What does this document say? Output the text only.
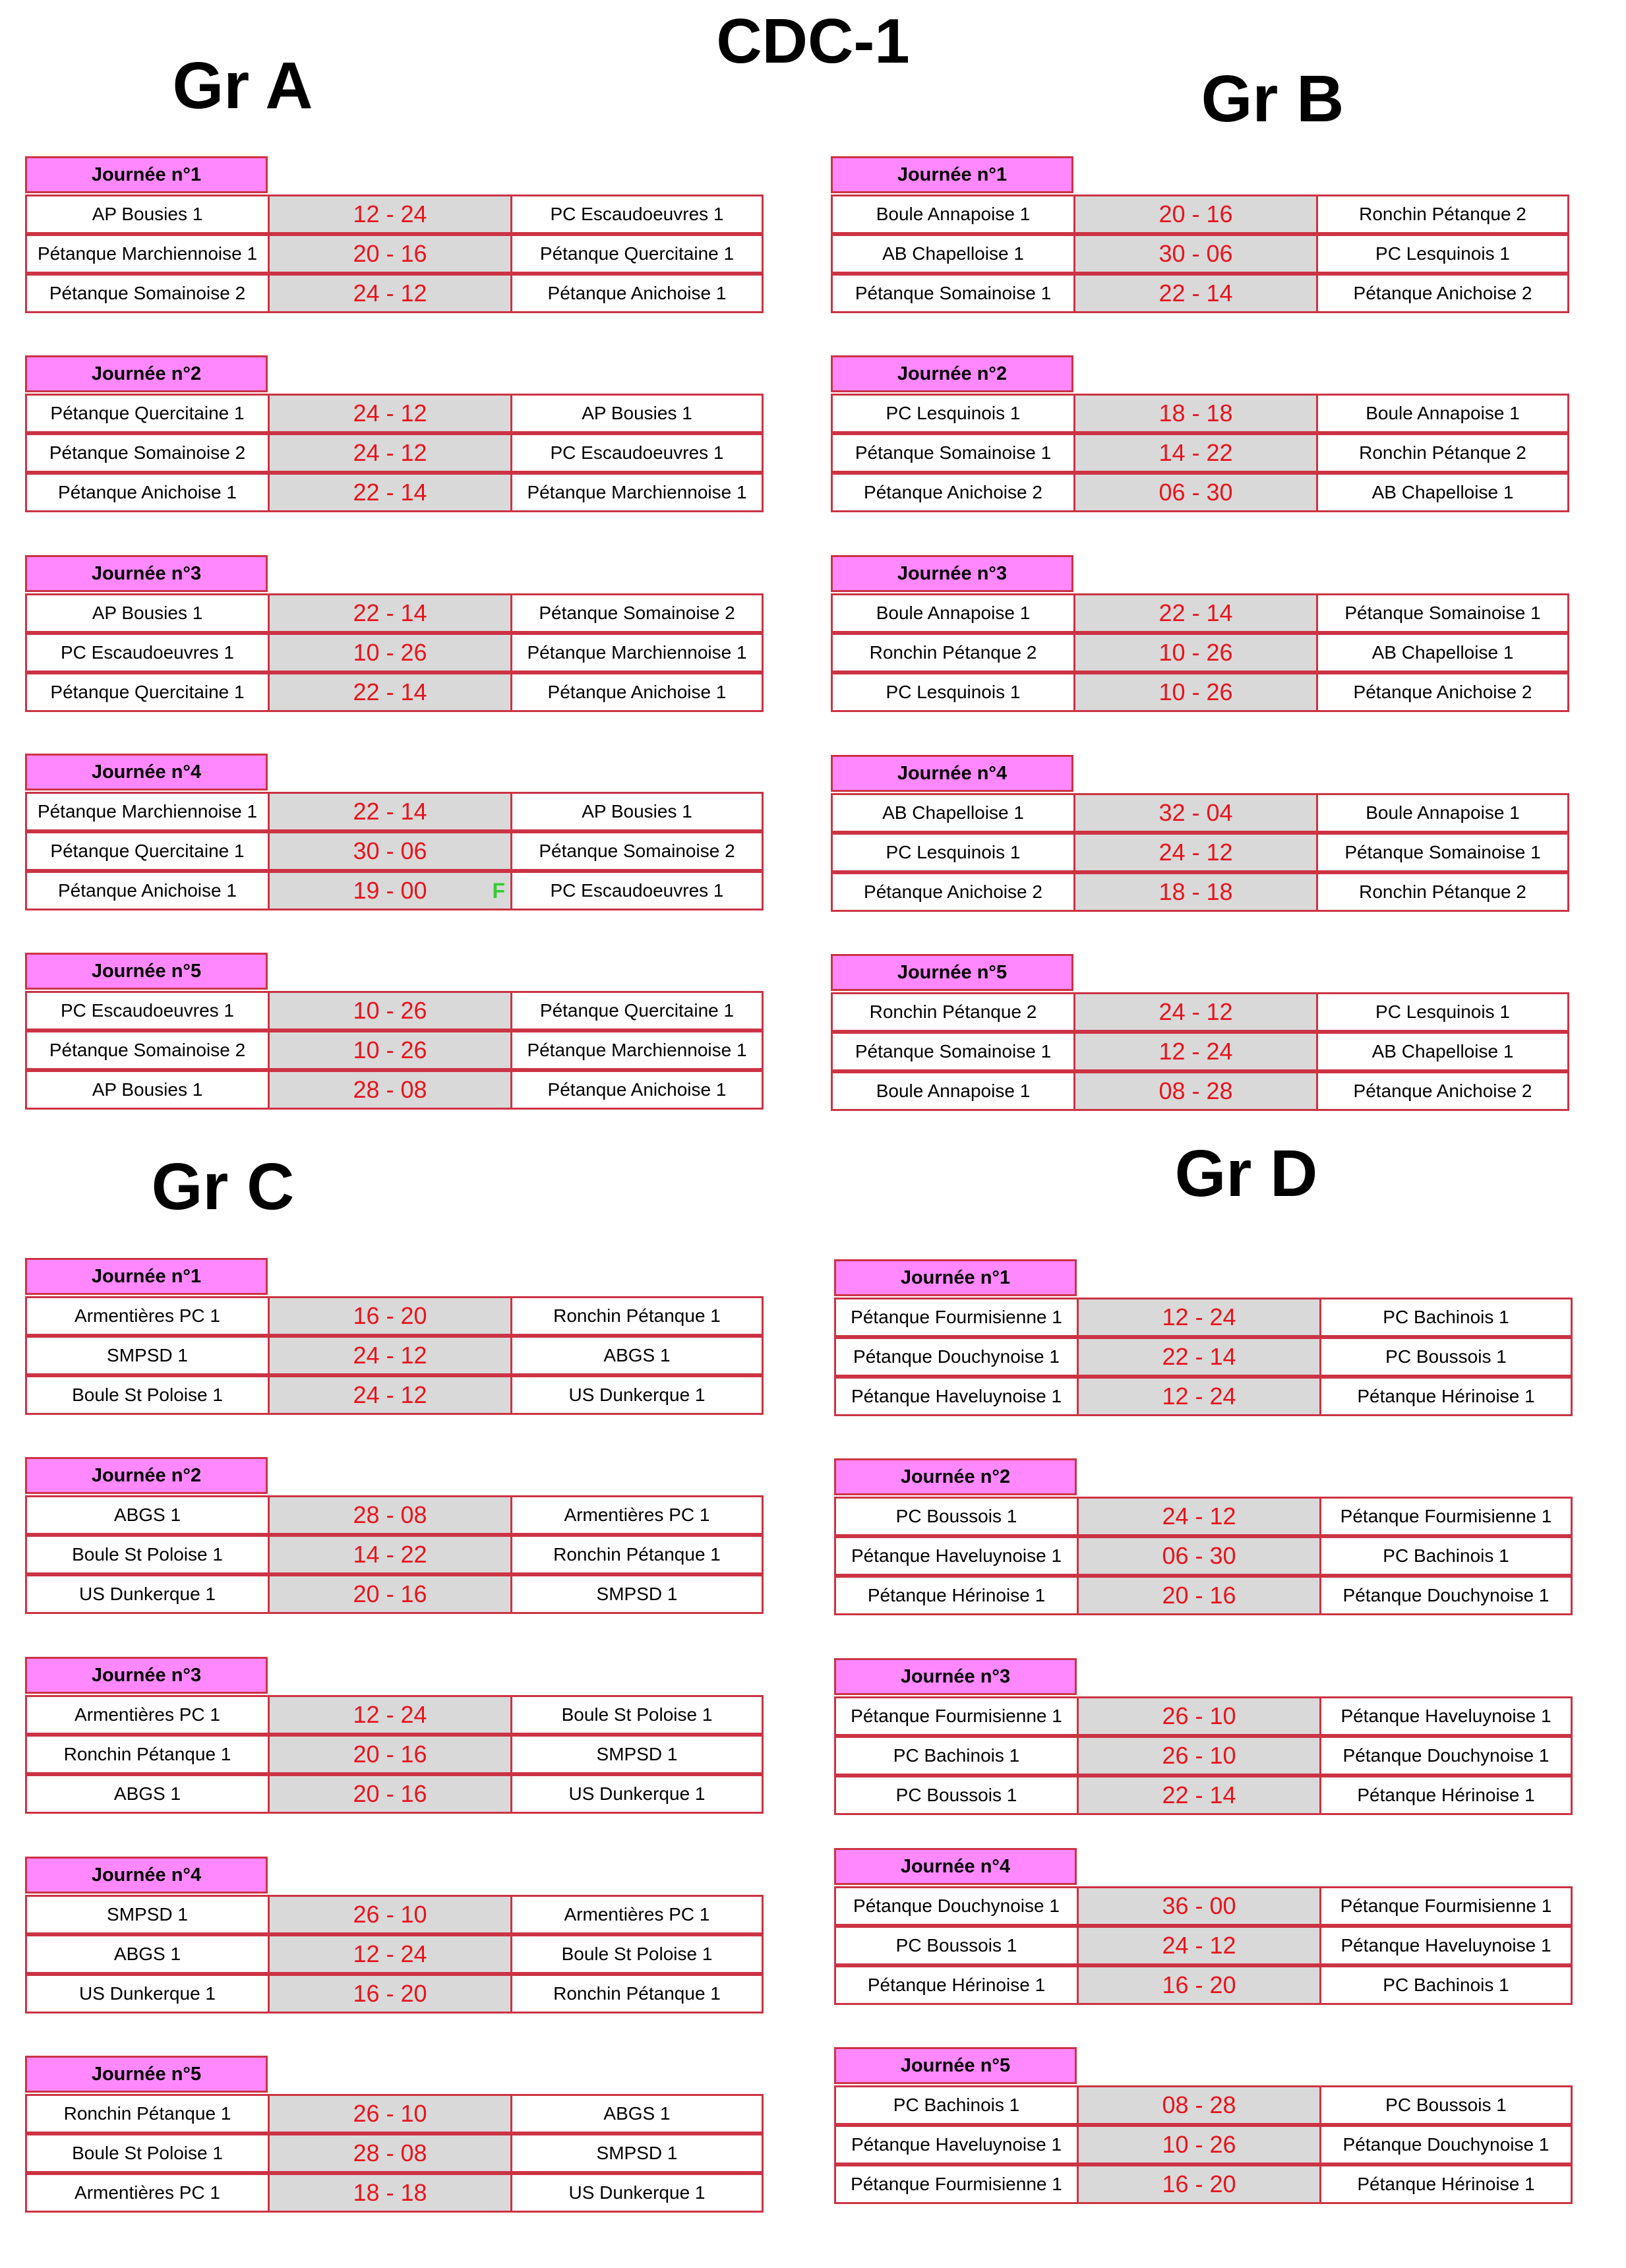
CDC-1
Gr A
Journée n°1
AP Bousies 1	12 - 24	PC Escaudoeuvres 1
Pétanque Marchiennoise 1	20 - 16	Pétanque Quercitaine 1
Pétanque Somainoise 2	24 - 12	Pétanque Anichoise 1
Journée n°2
Pétanque Quercitaine 1	24 - 12	AP Bousies 1
Pétanque Somainoise 2	24 - 12	PC Escaudoeuvres 1
Pétanque Anichoise 1	22 - 14	Pétanque Marchiennoise 1
Journée n°3
AP Bousies 1	22 - 14	Pétanque Somainoise 2
PC Escaudoeuvres 1	10 - 26	Pétanque Marchiennoise 1
Pétanque Quercitaine 1	22 - 14	Pétanque Anichoise 1
Journée n°4
Pétanque Marchiennoise 1	22 - 14	AP Bousies 1
Pétanque Quercitaine 1	30 - 06	Pétanque Somainoise 2
Pétanque Anichoise 1	19 - 00	F	PC Escaudoeuvres 1
Journée n°5
PC Escaudoeuvres 1	10 - 26	Pétanque Quercitaine 1
Pétanque Somainoise 2	10 - 26	Pétanque Marchiennoise 1
AP Bousies 1	28 - 08	Pétanque Anichoise 1
Gr B
Journée n°1
Boule Annapoise 1	20 - 16	Ronchin Pétanque 2
AB Chapelloise 1	30 - 06	PC Lesquinois 1
Pétanque Somainoise 1	22 - 14	Pétanque Anichoise 2
Journée n°2
PC Lesquinois 1	18 - 18	Boule Annapoise 1
Pétanque Somainoise 1	14 - 22	Ronchin Pétanque 2
Pétanque Anichoise 2	06 - 30	AB Chapelloise 1
Journée n°3
Boule Annapoise 1	22 - 14	Pétanque Somainoise 1
Ronchin Pétanque 2	10 - 26	AB Chapelloise 1
PC Lesquinois 1	10 - 26	Pétanque Anichoise 2
Journée n°4
AB Chapelloise 1	32 - 04	Boule Annapoise 1
PC Lesquinois 1	24 - 12	Pétanque Somainoise 1
Pétanque Anichoise 2	18 - 18	Ronchin Pétanque 2
Journée n°5
Ronchin Pétanque 2	24 - 12	PC Lesquinois 1
Pétanque Somainoise 1	12 - 24	AB Chapelloise 1
Boule Annapoise 1	08 - 28	Pétanque Anichoise 2
Gr C
Journée n°1
Armentières PC 1	16 - 20	Ronchin Pétanque 1
SMPSD 1	24 - 12	ABGS 1
Boule St Poloise 1	24 - 12	US Dunkerque 1
Journée n°2
ABGS 1	28 - 08	Armentières PC 1
Boule St Poloise 1	14 - 22	Ronchin Pétanque 1
US Dunkerque 1	20 - 16	SMPSD 1
Journée n°3
Armentières PC 1	12 - 24	Boule St Poloise 1
Ronchin Pétanque 1	20 - 16	SMPSD 1
ABGS 1	20 - 16	US Dunkerque 1
Journée n°4
SMPSD 1	26 - 10	Armentières PC 1
ABGS 1	12 - 24	Boule St Poloise 1
US Dunkerque 1	16 - 20	Ronchin Pétanque 1
Journée n°5
Ronchin Pétanque 1	26 - 10	ABGS 1
Boule St Poloise 1	28 - 08	SMPSD 1
Armentières PC 1	18 - 18	US Dunkerque 1
Gr D
Journée n°1
Pétanque Fourmisienne 1	12 - 24	PC Bachinois 1
Pétanque Douchynoise 1	22 - 14	PC Boussois 1
Pétanque Haveluynoise 1	12 - 24	Pétanque Hérinoise 1
Journée n°2
PC Boussois 1	24 - 12	Pétanque Fourmisienne 1
Pétanque Haveluynoise 1	06 - 30	PC Bachinois 1
Pétanque Hérinoise 1	20 - 16	Pétanque Douchynoise 1
Journée n°3
Pétanque Fourmisienne 1	26 - 10	Pétanque Haveluynoise 1
PC Bachinois 1	26 - 10	Pétanque Douchynoise 1
PC Boussois 1	22 - 14	Pétanque Hérinoise 1
Journée n°4
Pétanque Douchynoise 1	36 - 00	Pétanque Fourmisienne 1
PC Boussois 1	24 - 12	Pétanque Haveluynoise 1
Pétanque Hérinoise 1	16 - 20	PC Bachinois 1
Journée n°5
PC Bachinois 1	08 - 28	PC Boussois 1
Pétanque Haveluynoise 1	10 - 26	Pétanque Douchynoise 1
Pétanque Fourmisienne 1	16 - 20	Pétanque Hérinoise 1
